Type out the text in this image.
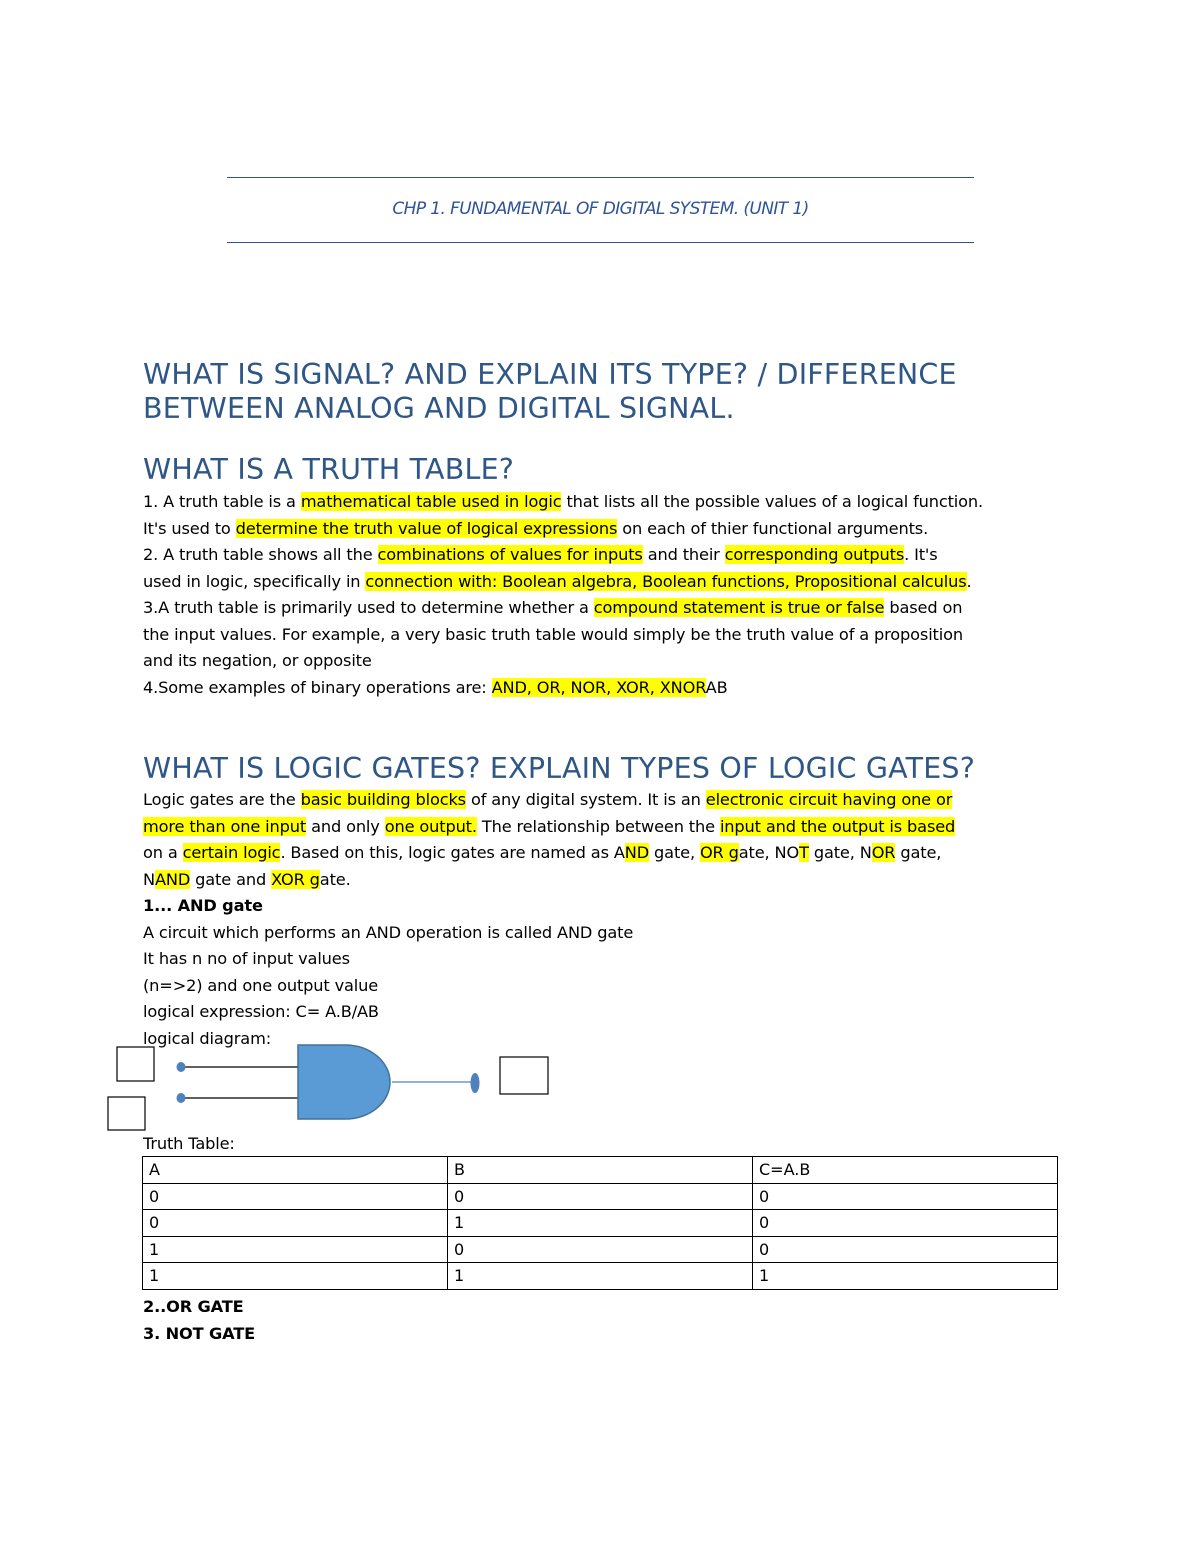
CHP 1. FUNDAMENTAL OF DIGITAL SYSTEM. (UNIT 1)
WHAT IS SIGNAL? AND EXPLAIN ITS TYPE? / DIFFERENCE
BETWEEN ANALOG AND DIGITAL SIGNAL.
WHAT IS A TRUTH TABLE?
1. A truth table is a mathematical table used in logic that lists all the possible values of a logical function.
It's used to determine the truth value of logical expressions on each of thier functional arguments.
2. A truth table shows all the combinations of values for inputs and their corresponding outputs. It's
used in logic, specifically in connection with: Boolean algebra, Boolean functions, Propositional calculus.
3.A truth table is primarily used to determine whether a compound statement is true or false based on
the input values. For example, a very basic truth table would simply be the truth value of a proposition
and its negation, or opposite
4.Some examples of binary operations are: AND, OR, NOR, XOR, XNORAB
WHAT IS LOGIC GATES? EXPLAIN TYPES OF LOGIC GATES?
Logic gates are the basic building blocks of any digital system. It is an electronic circuit having one or
more than one input and only one output. The relationship between the input and the output is based
on a certain logic. Based on this, logic gates are named as AND gate, OR gate, NOT gate, NOR gate,
NAND gate and XOR gate.
1... AND gate
A circuit which performs an AND operation is called AND gate
It has n no of input values
(n=>2) and one output value
logical expression: C= A.B/AB
logical diagram:
Truth Table:
A	B	C=A.B
0	0	0
0	1	0
1	0	0
1	1	1
2..OR GATE
3. NOT GATE
